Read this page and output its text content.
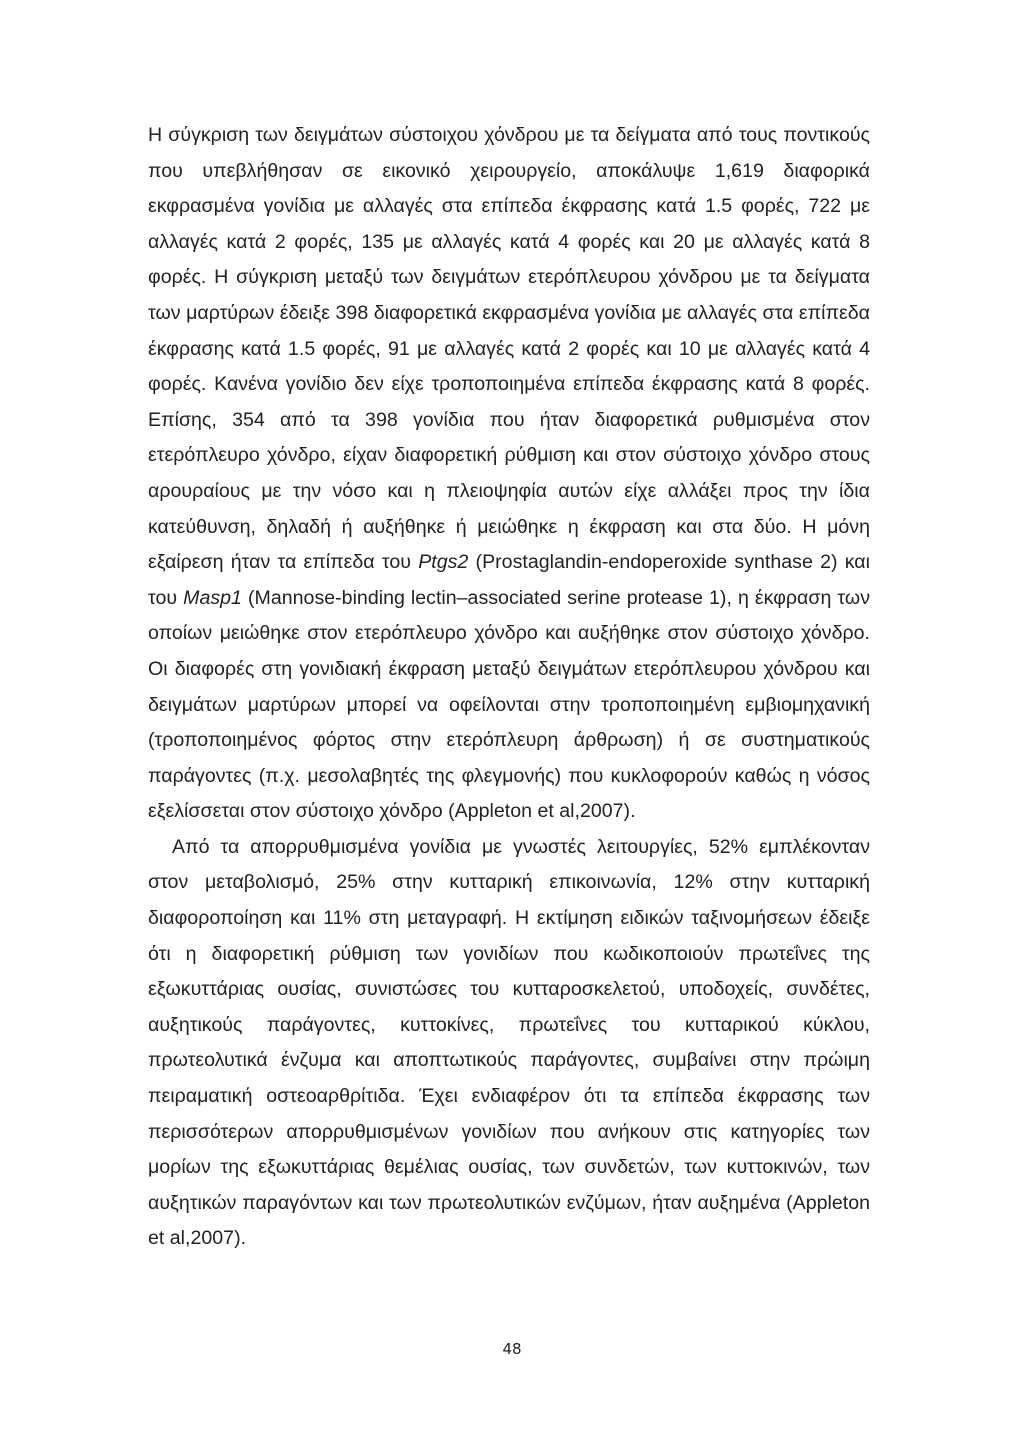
Η σύγκριση των δειγμάτων σύστοιχου χόνδρου με τα δείγματα από τους ποντικούς που υπεβλήθησαν σε εικονικό χειρουργείο, αποκάλυψε 1,619 διαφορικά εκφρασμένα γονίδια με αλλαγές στα επίπεδα έκφρασης κατά 1.5 φορές, 722 με αλλαγές κατά 2 φορές, 135 με αλλαγές κατά 4 φορές και 20 με αλλαγές κατά 8 φορές. Η σύγκριση μεταξύ των δειγμάτων ετερόπλευρου χόνδρου με τα δείγματα των μαρτύρων έδειξε 398 διαφορετικά εκφρασμένα γονίδια με αλλαγές στα επίπεδα έκφρασης κατά 1.5 φορές, 91 με αλλαγές κατά 2 φορές και 10 με αλλαγές κατά 4 φορές. Κανένα γονίδιο δεν είχε τροποποιημένα επίπεδα έκφρασης κατά 8 φορές. Επίσης, 354 από τα 398 γονίδια που ήταν διαφορετικά ρυθμισμένα στον ετερόπλευρο χόνδρο, είχαν διαφορετική ρύθμιση και στον σύστοιχο χόνδρο στους αρουραίους με την νόσο και η πλειοψηφία αυτών είχε αλλάξει προς την ίδια κατεύθυνση, δηλαδή ή αυξήθηκε ή μειώθηκε η έκφραση και στα δύο. Η μόνη εξαίρεση ήταν τα επίπεδα του Ptgs2 (Prostaglandin-endoperoxide synthase 2) και του Masp1 (Mannose-binding lectin–associated serine protease 1), η έκφραση των οποίων μειώθηκε στον ετερόπλευρο χόνδρο και αυξήθηκε στον σύστοιχο χόνδρο. Οι διαφορές στη γονιδιακή έκφραση μεταξύ δειγμάτων ετερόπλευρου χόνδρου και δειγμάτων μαρτύρων μπορεί να οφείλονται στην τροποποιημένη εμβιομηχανική (τροποποιημένος φόρτος στην ετερόπλευρη άρθρωση) ή σε συστηματικούς παράγοντες (π.χ. μεσολαβητές της φλεγμονής) που κυκλοφορούν καθώς η νόσος εξελίσσεται στον σύστοιχο χόνδρο (Appleton et al,2007).

Από τα απορρυθμισμένα γονίδια με γνωστές λειτουργίες, 52% εμπλέκονταν στον μεταβολισμό, 25% στην κυτταρική επικοινωνία, 12% στην κυτταρική διαφοροποίηση και 11% στη μεταγραφή. Η εκτίμηση ειδικών ταξινομήσεων έδειξε ότι η διαφορετική ρύθμιση των γονιδίων που κωδικοποιούν πρωτεΐνες της εξωκυττάριας ουσίας, συνιστώσες του κυτταροσκελετού, υποδοχείς, συνδέτες, αυξητικούς παράγοντες, κυττοκίνες, πρωτεΐνες του κυτταρικού κύκλου, πρωτεολυτικά ένζυμα και αποπτωτικούς παράγοντες, συμβαίνει στην πρώιμη πειραματική οστεοαρθρίτιδα. Έχει ενδιαφέρον ότι τα επίπεδα έκφρασης των περισσότερων απορρυθμισμένων γονιδίων που ανήκουν στις κατηγορίες των μορίων της εξωκυττάριας θεμέλιας ουσίας, των συνδετών, των κυττοκινών, των αυξητικών παραγόντων και των πρωτεολυτικών ενζύμων, ήταν αυξημένα (Appleton et al,2007).

48
